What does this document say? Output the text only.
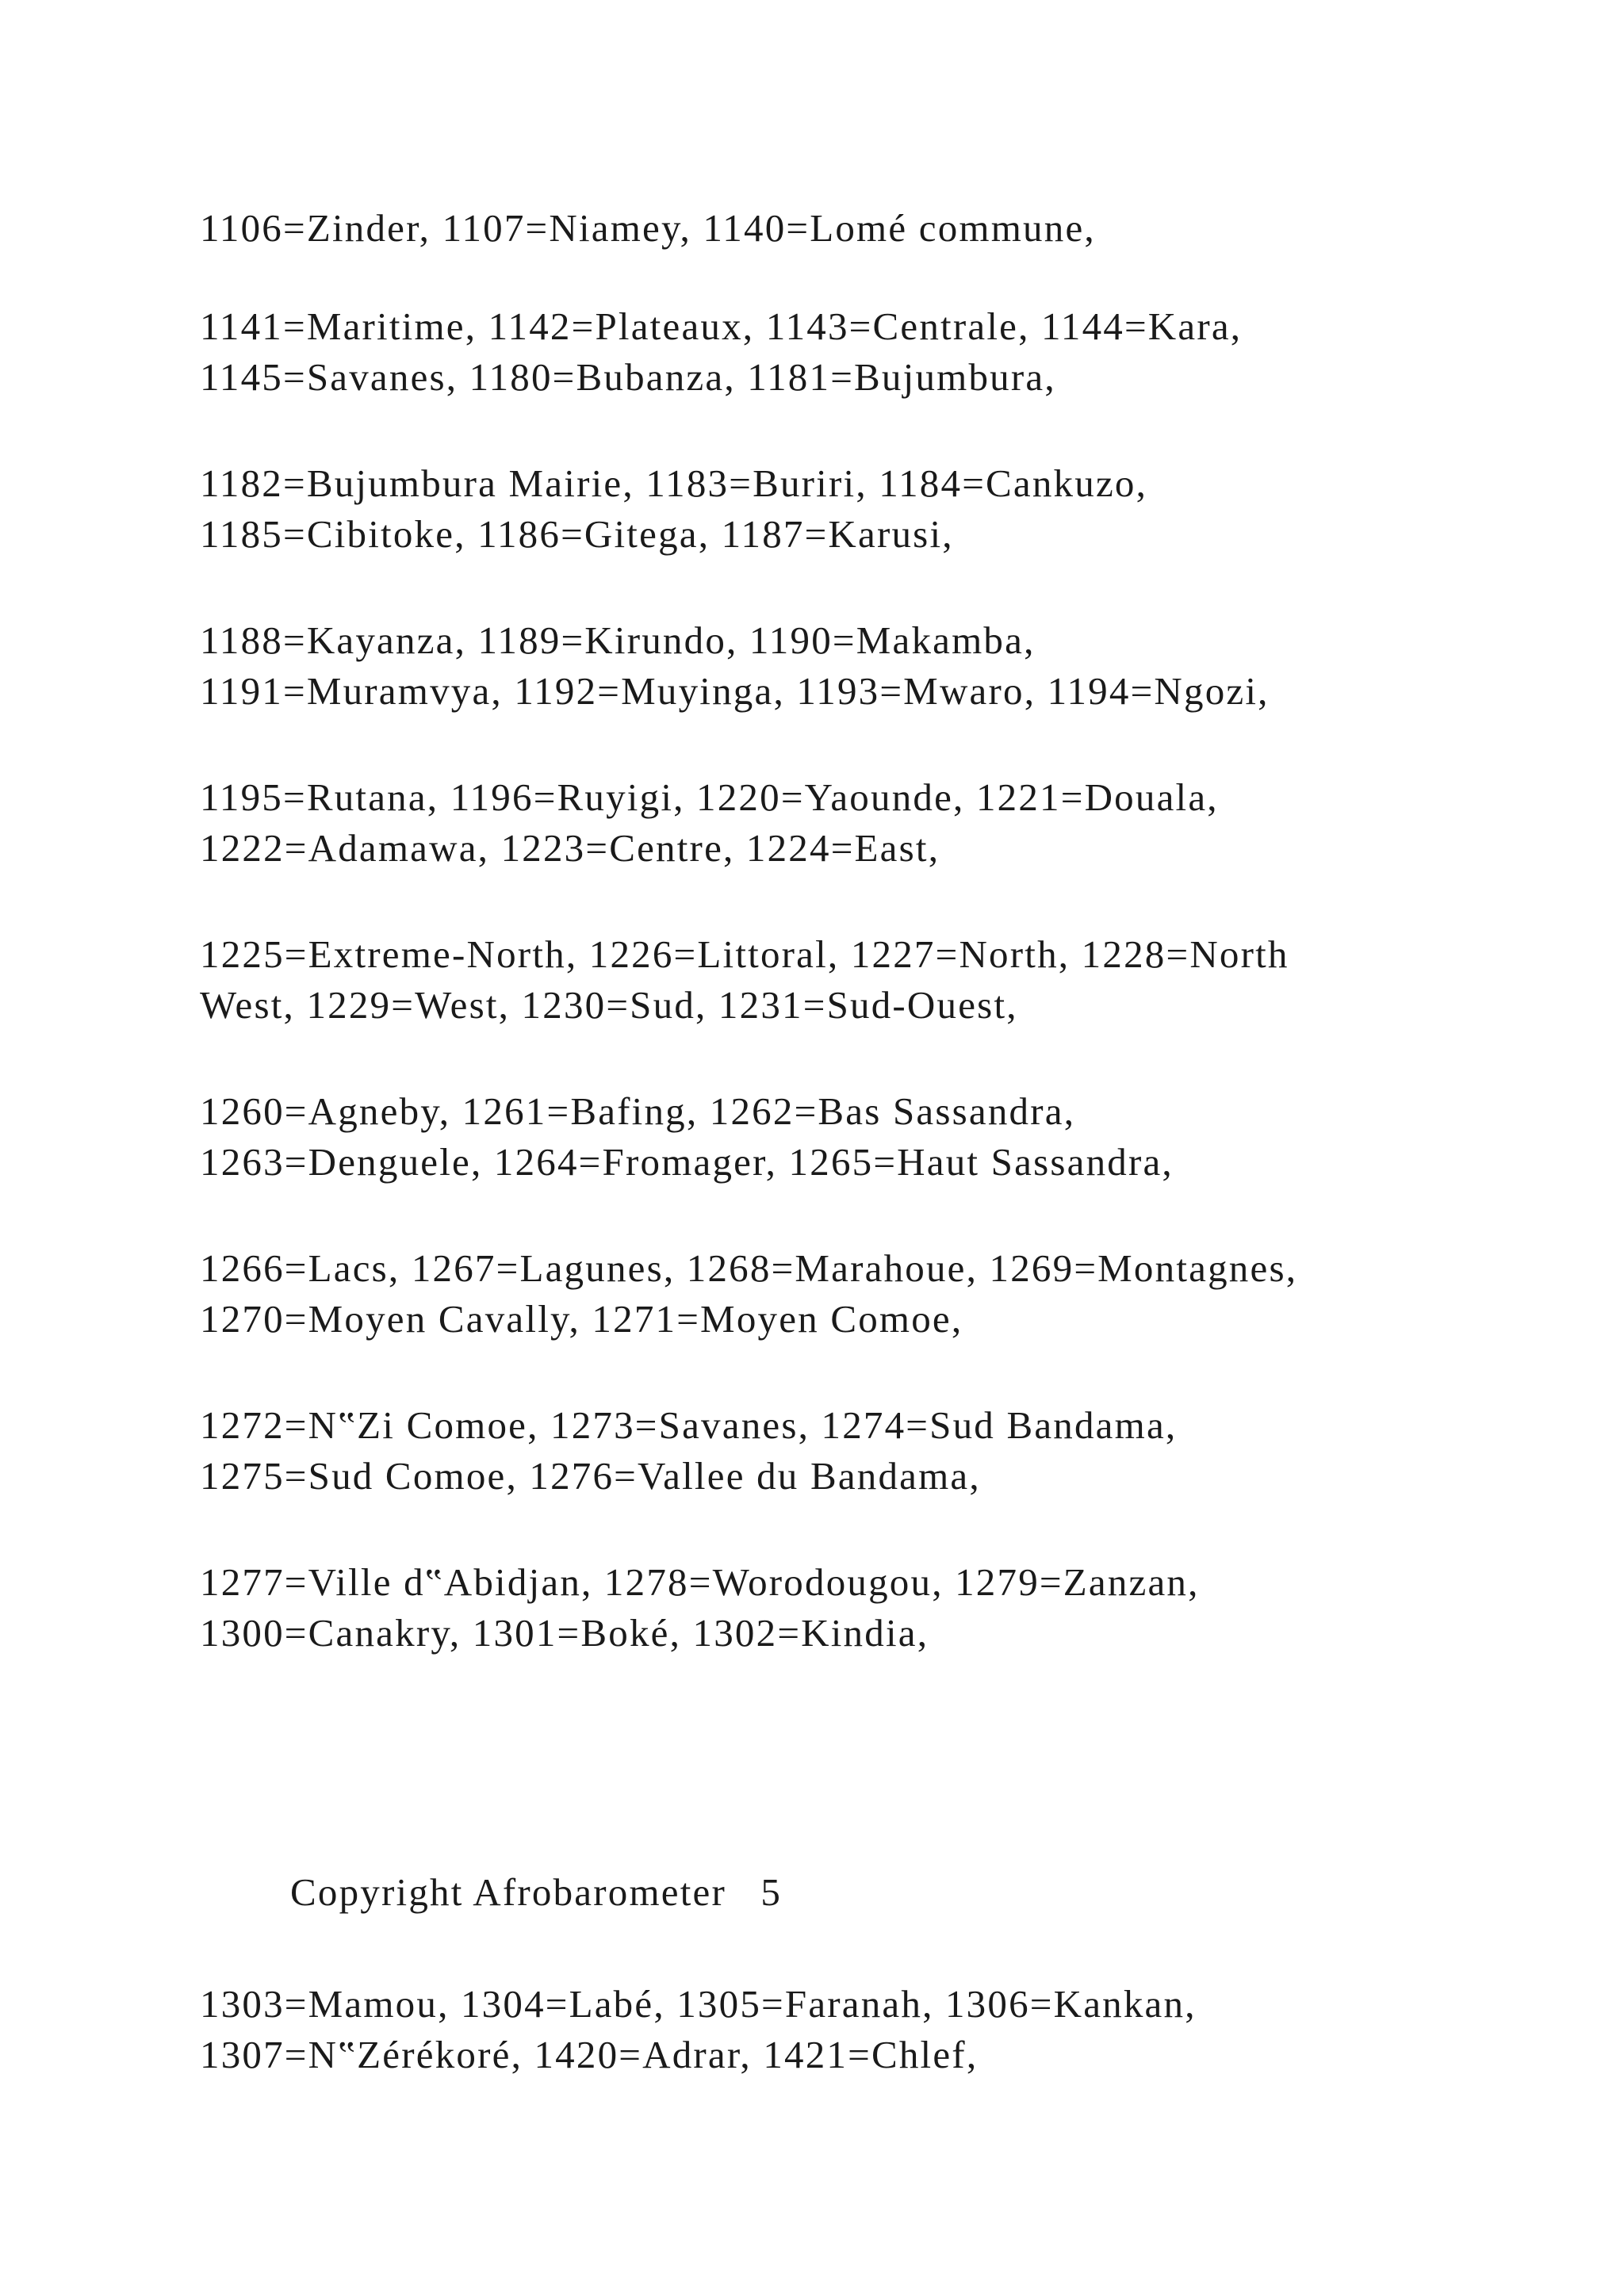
1106=Zinder, 1107=Niamey, 1140=Lomé commune,
1141=Maritime, 1142=Plateaux, 1143=Centrale, 1144=Kara,
1145=Savanes, 1180=Bubanza, 1181=Bujumbura,
1182=Bujumbura Mairie, 1183=Buriri, 1184=Cankuzo,
1185=Cibitoke, 1186=Gitega, 1187=Karusi,
1188=Kayanza, 1189=Kirundo, 1190=Makamba,
1191=Muramvya, 1192=Muyinga, 1193=Mwaro, 1194=Ngozi,
1195=Rutana, 1196=Ruyigi, 1220=Yaounde, 1221=Douala,
1222=Adamawa, 1223=Centre, 1224=East,
1225=Extreme-North, 1226=Littoral, 1227=North, 1228=North
West, 1229=West, 1230=Sud, 1231=Sud-Ouest,
1260=Agneby, 1261=Bafing, 1262=Bas Sassandra,
1263=Denguele, 1264=Fromager, 1265=Haut Sassandra,
1266=Lacs, 1267=Lagunes, 1268=Marahoue, 1269=Montagnes,
1270=Moyen Cavally, 1271=Moyen Comoe,
1272=N‟Zi Comoe, 1273=Savanes, 1274=Sud Bandama,
1275=Sud Comoe, 1276=Vallee du Bandama,
1277=Ville d‟Abidjan, 1278=Worodougou, 1279=Zanzan,
1300=Canakry, 1301=Boké, 1302=Kindia,
Copyright Afrobarometer 5
1303=Mamou, 1304=Labé, 1305=Faranah, 1306=Kankan,
1307=N‟Zérékoré, 1420=Adrar, 1421=Chlef,
